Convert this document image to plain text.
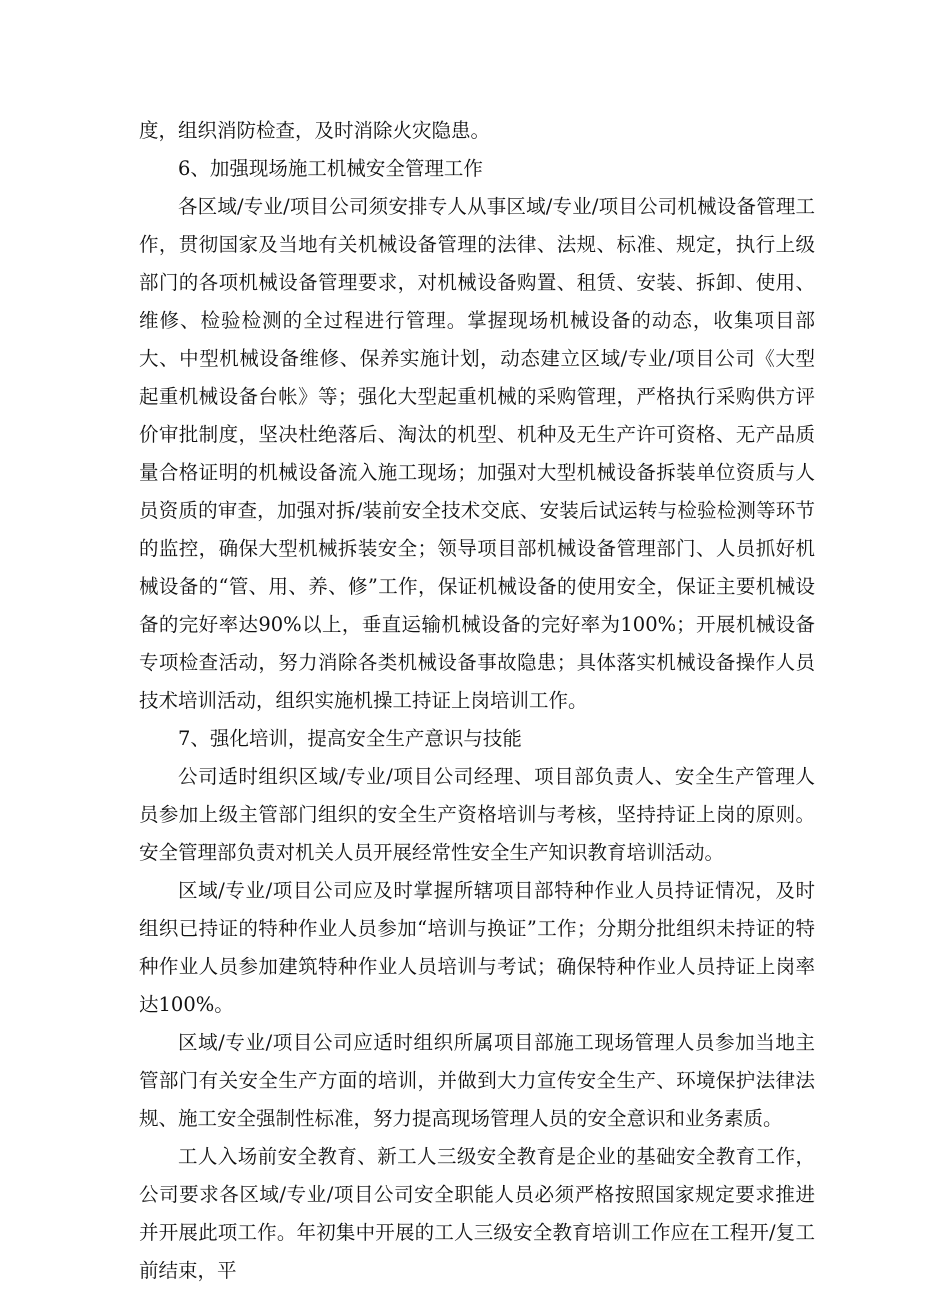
度，组织消防检查，及时消除火灾隐患。

6、加强现场施工机械安全管理工作

各区域/专业/项目公司须安排专人从事区域/专业/项目公司机械设备管理工作，贯彻国家及当地有关机械设备管理的法律、法规、标准、规定，执行上级部门的各项机械设备管理要求，对机械设备购置、租赁、安装、拆卸、使用、维修、检验检测的全过程进行管理。掌握现场机械设备的动态，收集项目部大、中型机械设备维修、保养实施计划，动态建立区域/专业/项目公司《大型起重机械设备台帐》等；强化大型起重机械的采购管理，严格执行采购供方评价审批制度，坚决杜绝落后、淘汰的机型、机种及无生产许可资格、无产品质量合格证明的机械设备流入施工现场；加强对大型机械设备拆装单位资质与人员资质的审查，加强对拆/装前安全技术交底、安装后试运转与检验检测等环节的监控，确保大型机械拆装安全；领导项目部机械设备管理部门、人员抓好机械设备的“管、用、养、修”工作，保证机械设备的使用安全，保证主要机械设备的完好率达90%以上，垂直运输机械设备的完好率为100%；开展机械设备专项检查活动，努力消除各类机械设备事故隐患；具体落实机械设备操作人员技术培训活动，组织实施机操工持证上岗培训工作。

7、强化培训，提高安全生产意识与技能

公司适时组织区域/专业/项目公司经理、项目部负责人、安全生产管理人员参加上级主管部门组织的安全生产资格培训与考核，坚持持证上岗的原则。安全管理部负责对机关人员开展经常性安全生产知识教育培训活动。

区域/专业/项目公司应及时掌握所辖项目部特种作业人员持证情况，及时组织已持证的特种作业人员参加“培训与换证”工作；分期分批组织未持证的特种作业人员参加建筑特种作业人员培训与考试；确保特种作业人员持证上岗率达100%。

区域/专业/项目公司应适时组织所属项目部施工现场管理人员参加当地主管部门有关安全生产方面的培训，并做到大力宣传安全生产、环境保护法律法规、施工安全强制性标准，努力提高现场管理人员的安全意识和业务素质。

工人入场前安全教育、新工人三级安全教育是企业的基础安全教育工作，公司要求各区域/专业/项目公司安全职能人员必须严格按照国家规定要求推进并开展此项工作。年初集中开展的工人三级安全教育培训工作应在工程开/复工前结束，平
